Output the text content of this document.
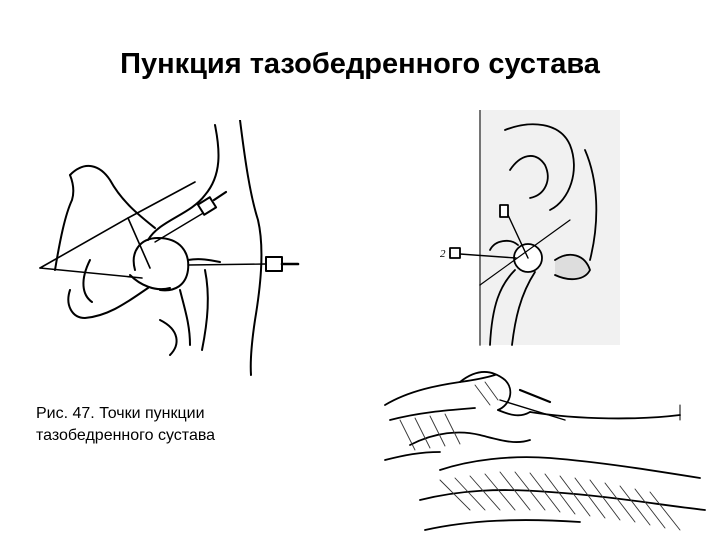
Пункция тазобедренного сустава
2
Рис. 47. Точки пункции
тазобедренного сустава
